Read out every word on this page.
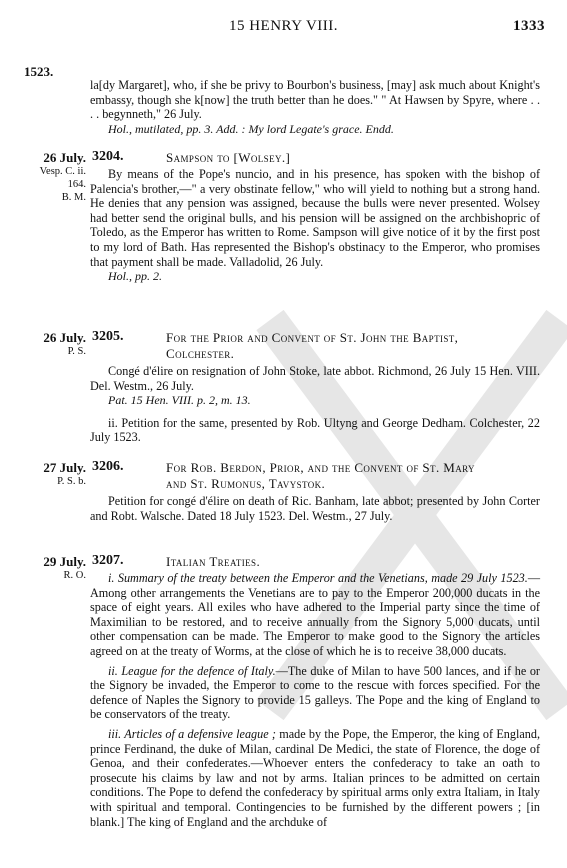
15 HENRY VIII.	1333
1523.
la[dy Margaret], who, if she be privy to Bourbon's business, [may] ask much about Knight's embassy, though she k[now] the truth better than he does." " At Hawsen by Spyre, where . . . . begynneth," 26 July.
Hol., mutilated, pp. 3. Add. : My lord Legate's grace. Endd.
26 July.
Vesp. C. ii.
164.
B. M.
3204.	Sampson to [Wolsey.]
By means of the Pope's nuncio, and in his presence, has spoken with the bishop of Palencia's brother,—" a very obstinate fellow," who will yield to nothing but a strong hand. He denies that any pension was assigned, because the bulls were never presented. Wolsey had better send the original bulls, and his pension will be assigned on the archbishopric of Toledo, as the Emperor has written to Rome. Sampson will give notice of it by the first post to my lord of Bath. Has represented the Bishop's obstinacy to the Emperor, who promises that payment shall be made. Valladolid, 26 July.
Hol., pp. 2.
26 July.
P. S.
3205.	For the Prior and Convent of St. John the Baptist,
Colchester.
Congé d'élire on resignation of John Stoke, late abbot. Richmond, 26 July 15 Hen. VIII. Del. Westm., 26 July.
Pat. 15 Hen. VIII. p. 2, m. 13.
ii. Petition for the same, presented by Rob. Ultyng and George Dedham. Colchester, 22 July 1523.
27 July.
P. S. b.
3206.	For Rob. Berdon, Prior, and the Convent of St. Mary
and St. Rumonus, Tavystok.
Petition for congé d'élire on death of Ric. Banham, late abbot; presented by John Corter and Robt. Walsche. Dated 18 July 1523. Del. Westm., 27 July.
29 July.
R. O.
3207.	Italian Treaties.
i. Summary of the treaty between the Emperor and the Venetians, made 29 July 1523.—Among other arrangements the Venetians are to pay to the Emperor 200,000 ducats in the space of eight years. All exiles who have adhered to the Imperial party since the time of Maximilian to be restored, and to receive annually from the Signory 5,000 ducats, until other compensation can be made. The Emperor to make good to the Signory the articles agreed on at the treaty of Worms, at the close of which he is to receive 38,000 ducats.
ii. League for the defence of Italy.—The duke of Milan to have 500 lances, and if he or the Signory be invaded, the Emperor to come to the rescue with forces specified. For the defence of Naples the Signory to provide 15 galleys. The Pope and the king of England to be conservators of the treaty.
iii. Articles of a defensive league ; made by the Pope, the Emperor, the king of England, prince Ferdinand, the duke of Milan, cardinal De Medici, the state of Florence, the doge of Genoa, and their confederates.—Whoever enters the confederacy to take an oath to prosecute his claims by law and not by arms. Italian princes to be admitted on certain conditions. The Pope to defend the confederacy by spiritual arms only extra Italiam, in Italy with spiritual and temporal. Contingencies to be furnished by the different powers ; [in blank.] The king of England and the archduke of
